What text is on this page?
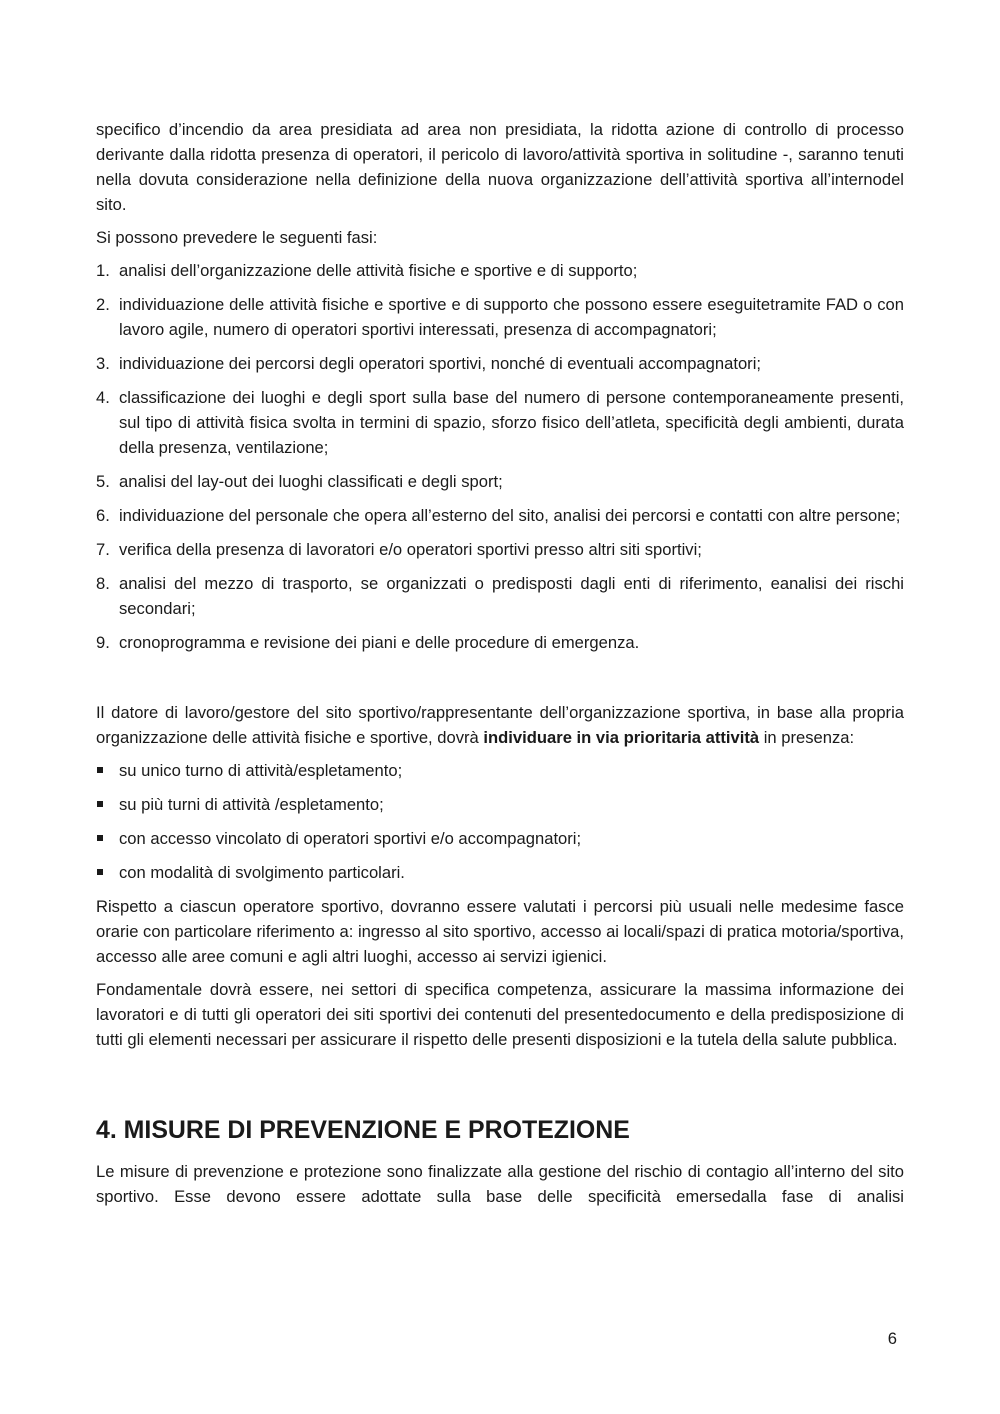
specifico d’incendio da area presidiata ad area non presidiata, la ridotta azione di controllo di processo derivante dalla ridotta presenza di operatori, il pericolo di lavoro/attività sportiva in solitudine -, saranno tenuti nella dovuta considerazione nella definizione della nuova organizzazione dell’attività sportiva all’internodel sito.

Si possono prevedere le seguenti fasi:

1. analisi dell’organizzazione delle attività fisiche e sportive e di supporto;
2. individuazione delle attività fisiche e sportive e di supporto che possono essere eseguitetramite FAD o con lavoro agile, numero di operatori sportivi interessati, presenza di accompagnatori;
3. individuazione dei percorsi degli operatori sportivi, nonché di eventuali accompagnatori;
4. classificazione dei luoghi e degli sport sulla base del numero di persone contemporaneamente presenti, sul tipo di attività fisica svolta in termini di spazio, sforzo fisico dell’atleta, specificità degli ambienti, durata della presenza, ventilazione;
5. analisi del lay-out dei luoghi classificati e degli sport;
6. individuazione del personale che opera all’esterno del sito, analisi dei percorsi e contatti con altre persone;
7. verifica della presenza di lavoratori e/o operatori sportivi presso altri siti sportivi;
8. analisi del mezzo di trasporto, se organizzati o predisposti dagli enti di riferimento, eanalisi dei rischi secondari;
9. cronoprogramma e revisione dei piani e delle procedure di emergenza.

Il datore di lavoro/gestore del sito sportivo/rappresentante dell’organizzazione sportiva, in base alla propria organizzazione delle attività fisiche e sportive, dovrà individuare in via prioritaria attività in presenza:

su unico turno di attività/espletamento;
su più turni di attività /espletamento;
con accesso vincolato di operatori sportivi e/o accompagnatori;
con modalità di svolgimento particolari.

Rispetto a ciascun operatore sportivo, dovranno essere valutati i percorsi più usuali nelle medesime fasce orarie con particolare riferimento a: ingresso al sito sportivo, accesso ai locali/spazi di pratica motoria/sportiva, accesso alle aree comuni e agli altri luoghi, accesso ai servizi igienici.

Fondamentale dovrà essere, nei settori di specifica competenza, assicurare la massima informazione dei lavoratori e di tutti gli operatori dei siti sportivi dei contenuti del presentedocumento e della predisposizione di tutti gli elementi necessari per assicurare il rispetto delle presenti disposizioni e la tutela della salute pubblica.

4. MISURE DI PREVENZIONE E PROTEZIONE

Le misure di prevenzione e protezione sono finalizzate alla gestione del rischio di contagio all’interno del sito sportivo. Esse devono essere adottate sulla base delle specificità emersedalla fase di analisi

6
